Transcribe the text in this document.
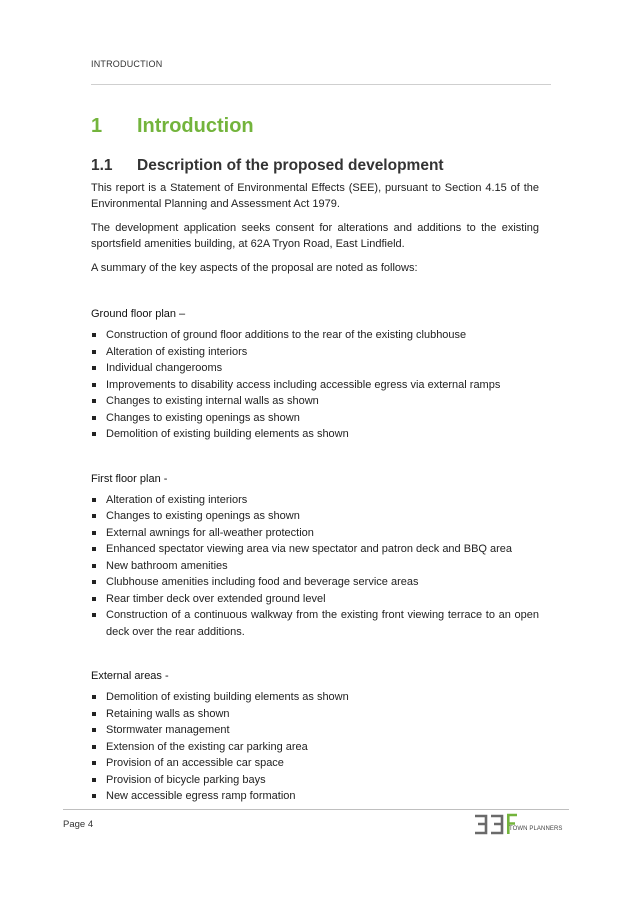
INTRODUCTION
1	Introduction
1.1	Description of the proposed development

This report is a Statement of Environmental Effects (SEE), pursuant to Section 4.15 of the Environmental Planning and Assessment Act 1979.

The development application seeks consent for alterations and additions to the existing sportsfield amenities building, at 62A Tryon Road, East Lindfield.

A summary of the key aspects of the proposal are noted as follows:

Ground floor plan –
Construction of ground floor additions to the rear of the existing clubhouse
Alteration of existing interiors
Individual changerooms
Improvements to disability access including accessible egress via external ramps
Changes to existing internal walls as shown
Changes to existing openings as shown
Demolition of existing building elements as shown
First floor plan -
Alteration of existing interiors
Changes to existing openings as shown
External awnings for all-weather protection
Enhanced spectator viewing area via new spectator and patron deck and BBQ area
New bathroom amenities
Clubhouse amenities including food and beverage service areas
Rear timber deck over extended ground level
Construction of a continuous walkway from the existing front viewing terrace to an open deck over the rear additions.
External areas -
Demolition of existing building elements as shown
Retaining walls as shown
Stormwater management
Extension of the existing car parking area
Provision of an accessible car space
Provision of bicycle parking bays
New accessible egress ramp formation
Page 4	TOWN PLANNERS
